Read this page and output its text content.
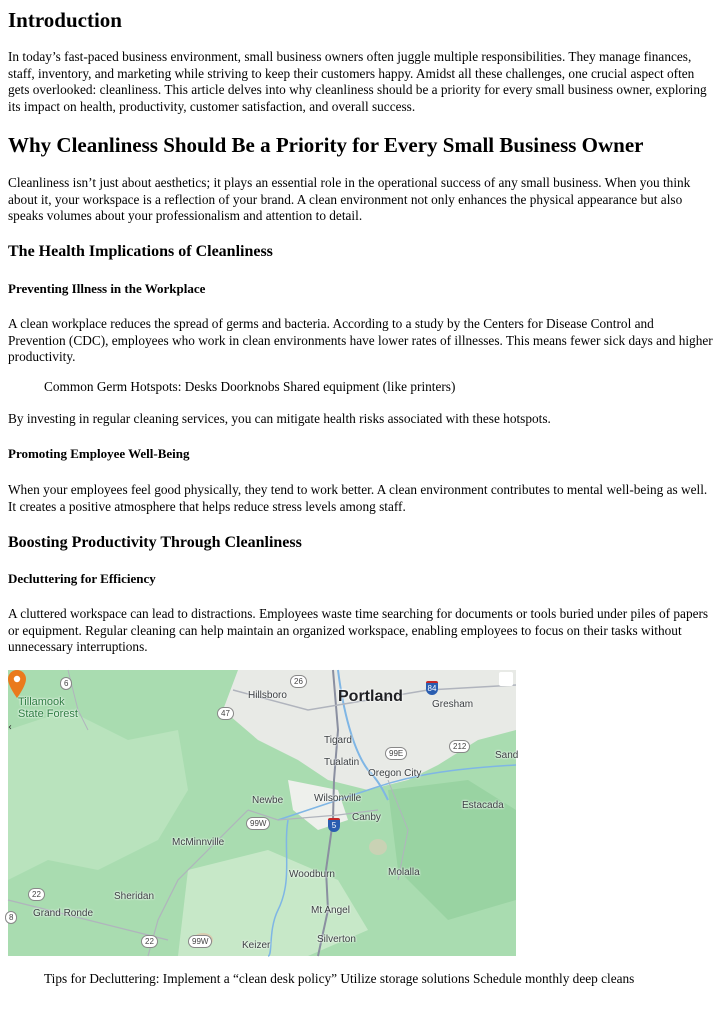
Introduction

In today’s fast-paced business environment, small business owners often juggle multiple responsibilities. They manage finances, staff, inventory, and marketing while striving to keep their customers happy. Amidst all these challenges, one crucial aspect often gets overlooked: cleanliness. This article delves into why cleanliness should be a priority for every small business owner, exploring its impact on health, productivity, customer satisfaction, and overall success.

Why Cleanliness Should Be a Priority for Every Small Business Owner

Cleanliness isn’t just about aesthetics; it plays an essential role in the operational success of any small business. When you think about it, your workspace is a reflection of your brand. A clean environment not only enhances the physical appearance but also speaks volumes about your professionalism and attention to detail.

The Health Implications of Cleanliness
Preventing Illness in the Workplace

A clean workplace reduces the spread of germs and bacteria. According to a study by the Centers for Disease Control and Prevention (CDC), employees who work in clean environments have lower rates of illnesses. This means fewer sick days and higher productivity.

Common Germ Hotspots: Desks Doorknobs Shared equipment (like printers)

By investing in regular cleaning services, you can mitigate health risks associated with these hotspots.

Promoting Employee Well-Being

When your employees feel good physically, they tend to work better. A clean environment contributes to mental well-being as well. It creates a positive atmosphere that helps reduce stress levels among staff.

Boosting Productivity Through Cleanliness
Decluttering for Efficiency

A cluttered workspace can lead to distractions. Employees waste time searching for documents or tools buried under piles of papers or equipment. Regular cleaning can help maintain an organized workspace, enabling employees to focus on their tasks without unnecessary interruptions.

‹
Portland
Hillsboro
Gresham
Tillamook
State Forest
Tigard
Tualatin
Oregon City
Sand
Newbe	Wilsonville
Canby
Estacada
McMinnville
Woodburn	Molalla
Sheridan
Grand Ronde	Mt Angel
Silverton
Keizer
6	26
47
99E
212
99W
22
99W
22
8
84
5
Tips for Decluttering: Implement a “clean desk policy” Utilize storage solutions Schedule monthly deep cleans
